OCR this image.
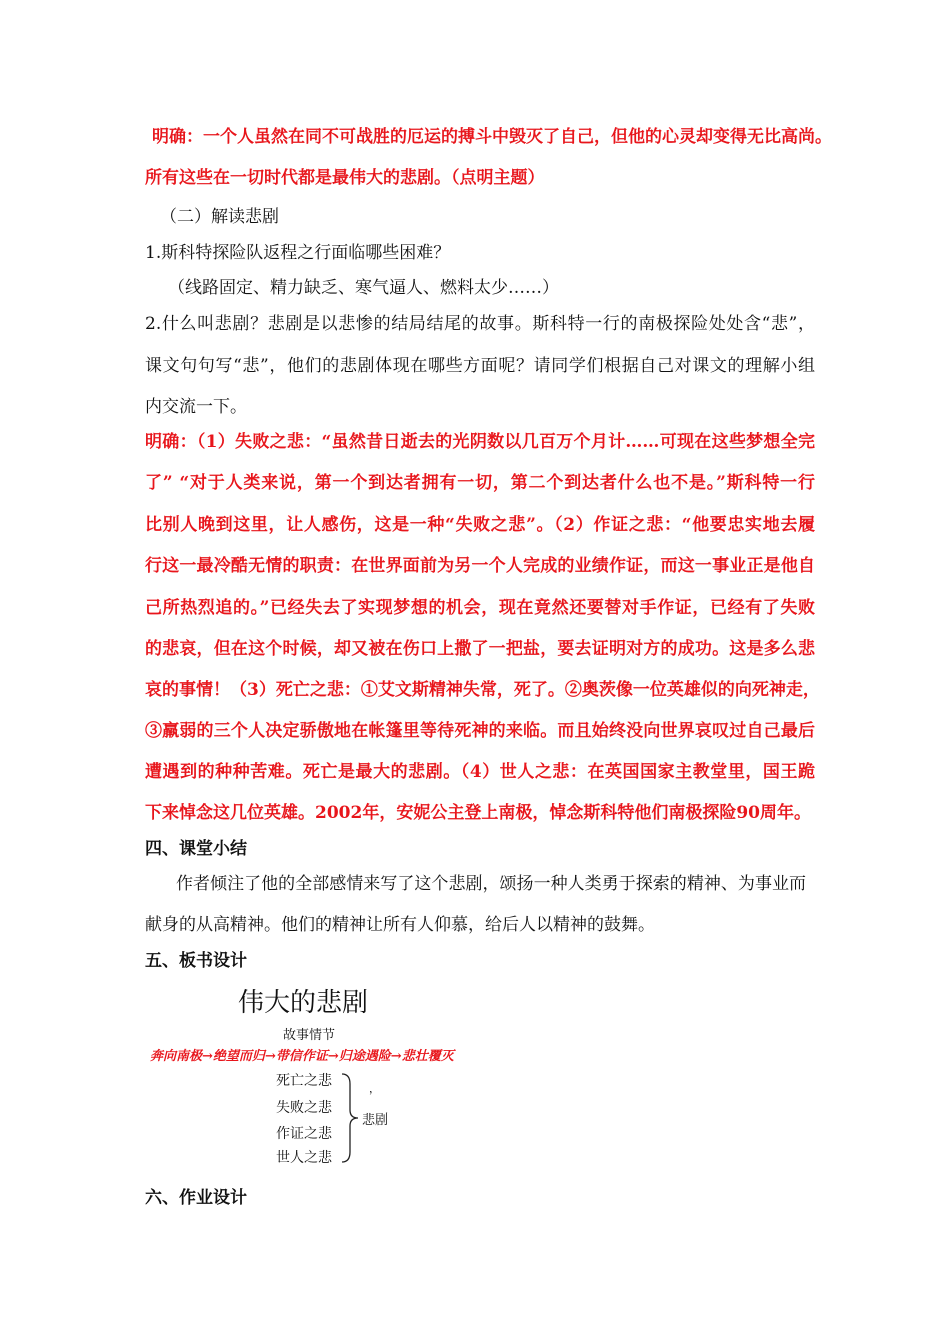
明确：一个人虽然在同不可战胜的厄运的搏斗中毁灭了自己，但他的心灵却变得无比高尚。
所有这些在一切时代都是最伟大的悲剧。（点明主题）
（二）解读悲剧
1.斯科特探险队返程之行面临哪些困难？
（线路固定、精力缺乏、寒气逼人、燃料太少……）
2.什么叫悲剧？悲剧是以悲惨的结局结尾的故事。斯科特一行的南极探险处处含“悲”，
课文句句写“悲”，他们的悲剧体现在哪些方面呢？请同学们根据自己对课文的理解小组
内交流一下。
明确：（1）失败之悲：“虽然昔日逝去的光阴数以几百万个月计……可现在这些梦想全完
了” “对于人类来说，第一个到达者拥有一切，第二个到达者什么也不是。”斯科特一行
比别人晚到这里，让人感伤，这是一种“失败之悲”。（2）作证之悲：“他要忠实地去履
行这一最冷酷无情的职责：在世界面前为另一个人完成的业绩作证，而这一事业正是他自
己所热烈追的。”已经失去了实现梦想的机会，现在竟然还要替对手作证，已经有了失败
的悲哀，但在这个时候，却又被在伤口上撒了一把盐，要去证明对方的成功。这是多么悲
哀的事情！（3）死亡之悲：①艾文斯精神失常，死了。②奥茨像一位英雄似的向死神走，
③羸弱的三个人决定骄傲地在帐篷里等待死神的来临。而且始终没向世界哀叹过自己最后
遭遇到的种种苦难。死亡是最大的悲剧。（4）世人之悲：在英国国家主教堂里，国王跪
下来悼念这几位英雄。2002年，安妮公主登上南极，悼念斯科特他们南极探险90周年。
四、课堂小结
作者倾注了他的全部感情来写了这个悲剧，颂扬一种人类勇于探索的精神、为事业而
献身的从高精神。他们的精神让所有人仰慕，给后人以精神的鼓舞。
五、板书设计
伟大的悲剧
故事情节
奔向南极→绝望而归→带信作证→归途遇险→悲壮覆灭
死亡之悲
失败之悲
作证之悲
世人之悲
，
悲剧
六、作业设计
